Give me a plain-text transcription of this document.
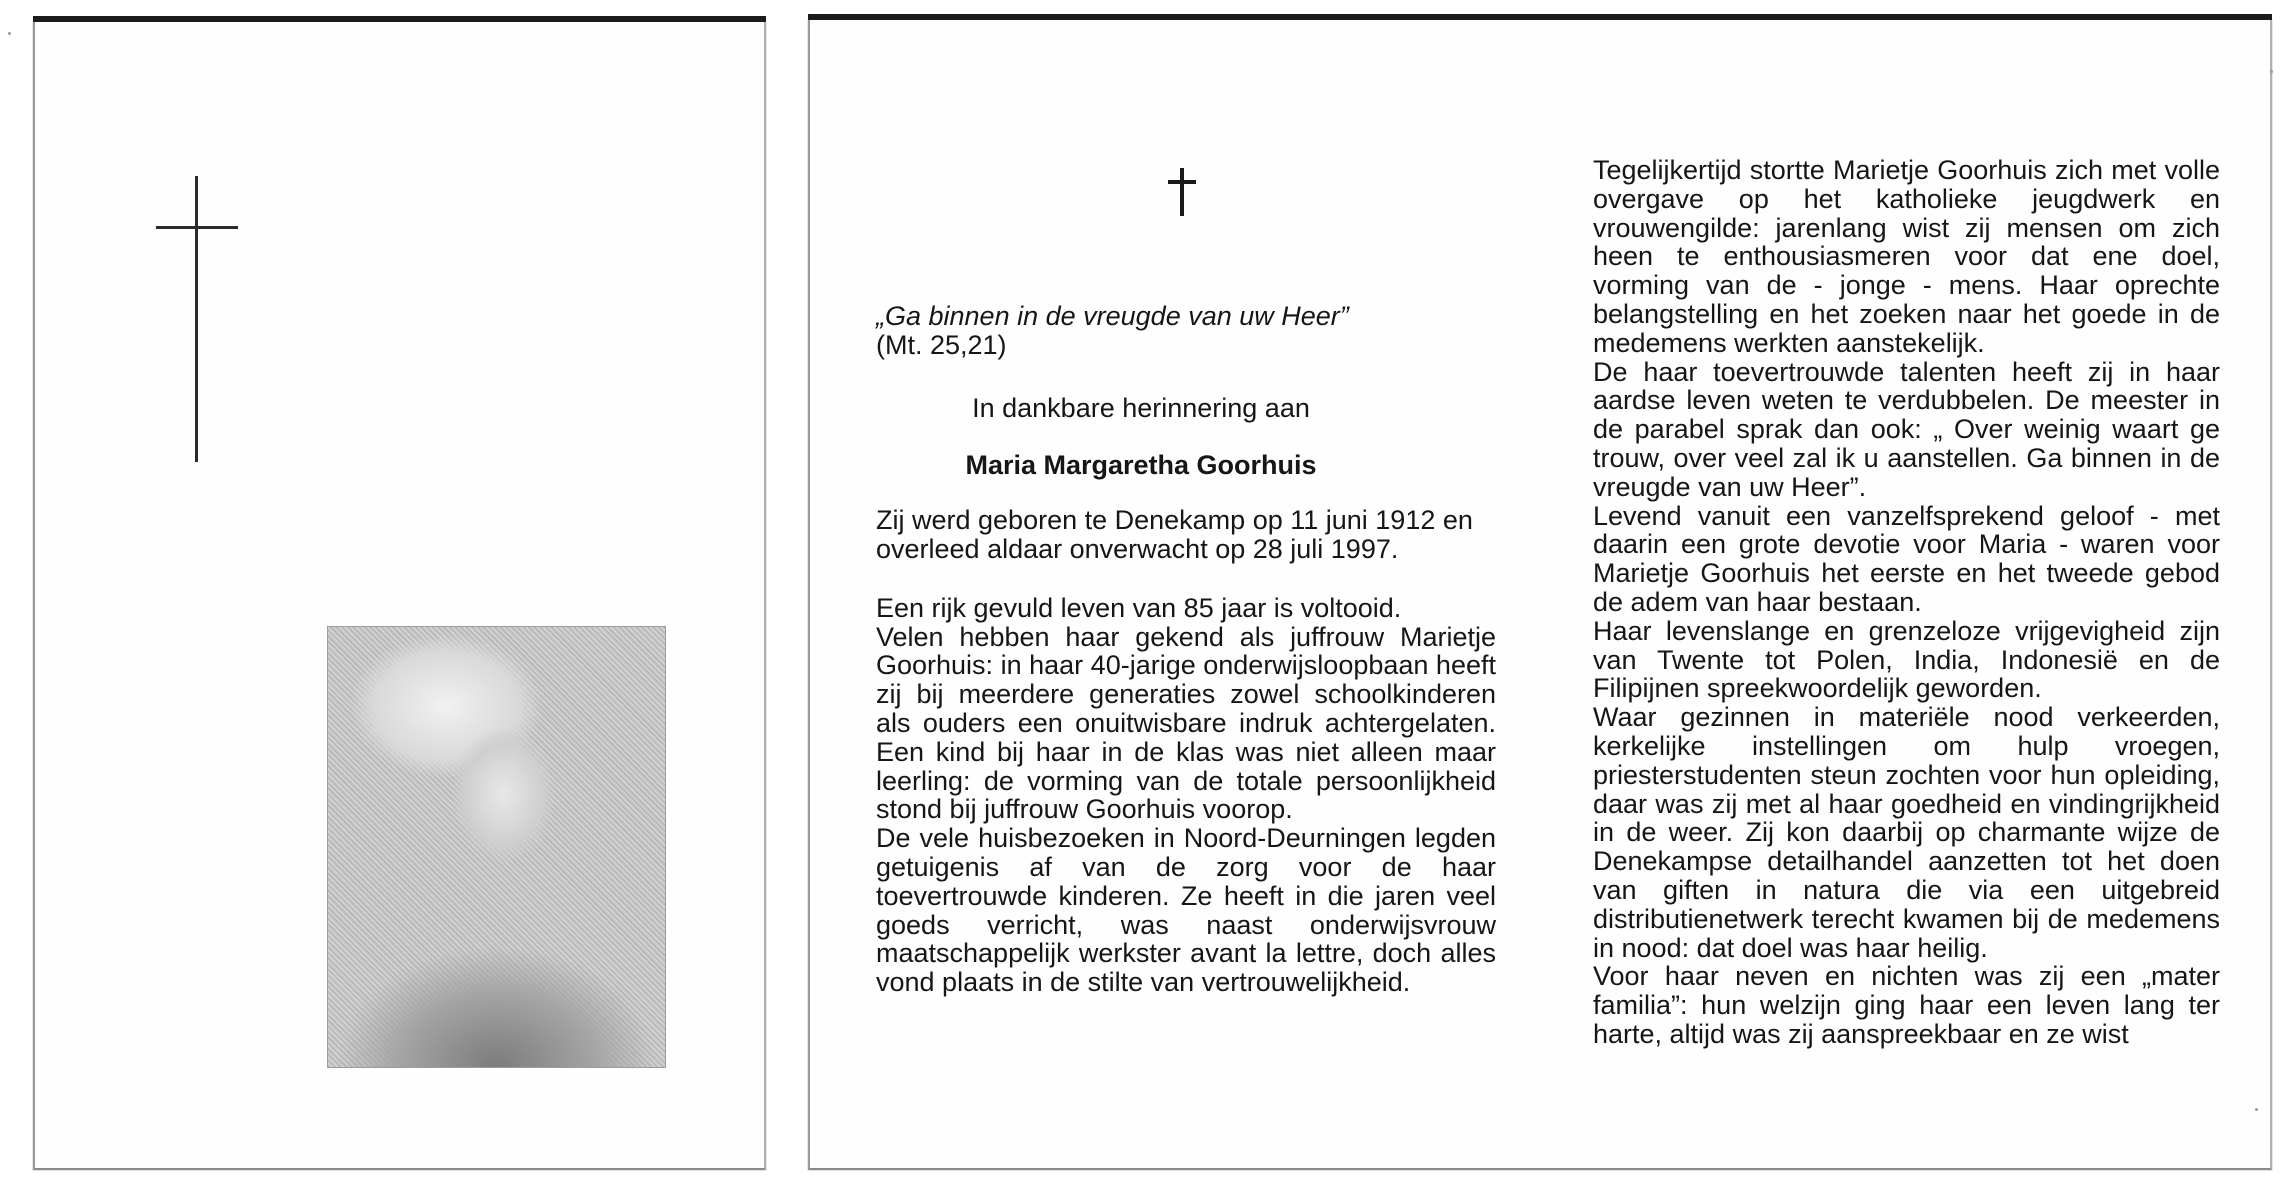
„Ga binnen in de vreugde van uw Heer”

(Mt. 25,21)

In dankbare herinnering aan

Maria Margaretha Goorhuis

Zij werd geboren te Denekamp op 11 juni 1912 en overleed aldaar onverwacht op 28 juli 1997.

Een rijk gevuld leven van 85 jaar is voltooid.
Velen hebben haar gekend als juffrouw Marietje Goorhuis: in haar 40-jarige onderwijsloopbaan heeft zij bij meerdere generaties zowel schoolkinderen als ouders een onuitwisbare indruk achtergelaten. Een kind bij haar in de klas was niet alleen maar leerling: de vorming van de totale persoonlijkheid stond bij juffrouw Goorhuis voorop.
De vele huisbezoeken in Noord-Deurningen legden getuigenis af van de zorg voor de haar toevertrouwde kinderen. Ze heeft in die jaren veel goeds verricht, was naast onderwijsvrouw maatschappelijk werkster avant la lettre, doch alles vond plaats in de stilte van vertrouwelijkheid.

Tegelijkertijd stortte Marietje Goorhuis zich met volle overgave op het katholieke jeugdwerk en vrouwengilde: jarenlang wist zij mensen om zich heen te enthousiasmeren voor dat ene doel, vorming van de - jonge - mens. Haar oprechte belangstelling en het zoeken naar het goede in de medemens werkten aanstekelijk.
De haar toevertrouwde talenten heeft zij in haar aardse leven weten te verdubbelen. De meester in de parabel sprak dan ook: „ Over weinig waart ge trouw, over veel zal ik u aanstellen. Ga binnen in de vreugde van uw Heer”.
Levend vanuit een vanzelfsprekend geloof - met daarin een grote devotie voor Maria - waren voor Marietje Goorhuis het eerste en het tweede gebod de adem van haar bestaan.
Haar levenslange en grenzeloze vrijgevigheid zijn van Twente tot Polen, India, Indonesië en de Filipijnen spreekwoordelijk geworden.
Waar gezinnen in materiële nood verkeerden, kerkelijke instellingen om hulp vroegen, priesterstudenten steun zochten voor hun opleiding, daar was zij met al haar goedheid en vindingrijkheid in de weer. Zij kon daarbij op charmante wijze de Denekampse detailhandel aanzetten tot het doen van giften in natura die via een uitgebreid distributienetwerk terecht kwamen bij de medemens in nood: dat doel was haar heilig.
Voor haar neven en nichten was zij een „mater familia”: hun welzijn ging haar een leven lang ter harte, altijd was zij aanspreekbaar en ze wist
